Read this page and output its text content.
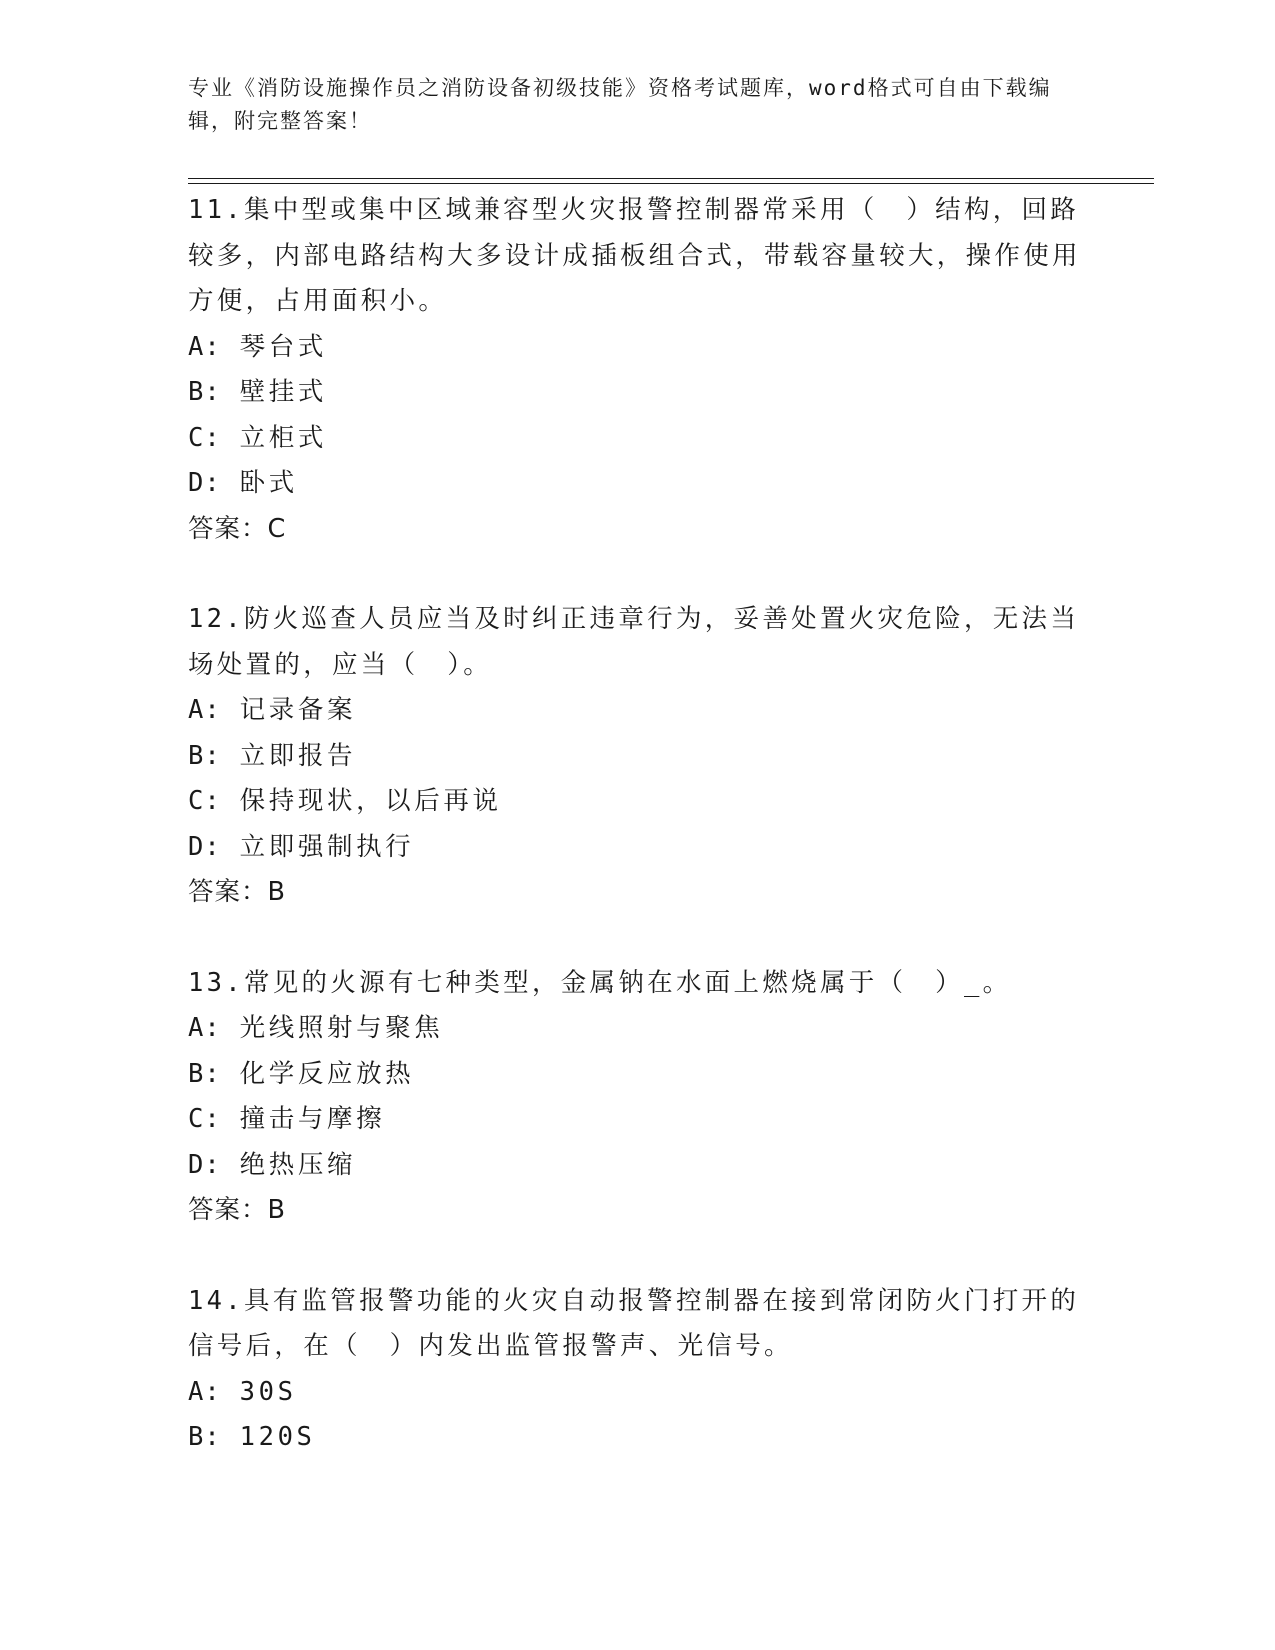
专业《消防设施操作员之消防设备初级技能》资格考试题库，word格式可自由下载编辑，附完整答案！

11.集中型或集中区域兼容型火灾报警控制器常采用（　）结构，回路较多，内部电路结构大多设计成插板组合式，带载容量较大，操作使用方便，占用面积小。

A: 琴台式

B: 壁挂式

C: 立柜式

D: 卧式

答案：C

12.防火巡查人员应当及时纠正违章行为，妥善处置火灾危险，无法当场处置的，应当（　）。

A: 记录备案

B: 立即报告

C: 保持现状，以后再说

D: 立即强制执行

答案：B

13.常见的火源有七种类型，金属钠在水面上燃烧属于（　）_。

A: 光线照射与聚焦

B: 化学反应放热

C: 撞击与摩擦

D: 绝热压缩

答案：B

14.具有监管报警功能的火灾自动报警控制器在接到常闭防火门打开的信号后，在（　）内发出监管报警声、光信号。

A: 30S

B: 120S
